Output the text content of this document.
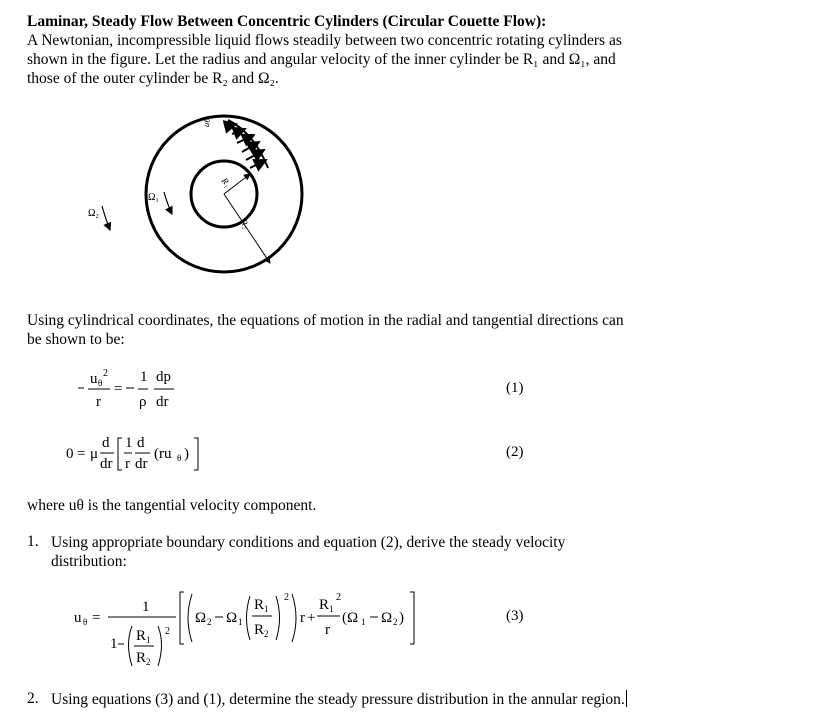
Laminar, Steady Flow Between Concentric Cylinders (Circular Couette Flow):
A Newtonian, incompressible liquid flows steadily between two concentric rotating cylinders as
shown in the figure. Let the radius and angular velocity of the inner cylinder be R₁ and Ω₁, and
those of the outer cylinder be R₂ and Ω₂.
uθ
R₁
R₂
Ω₁
Ω₂
Using cylindrical coordinates, the equations of motion in the radial and tangential directions can
be shown to be:
u θ
2
r
=
1
ρ
dp
dr
(1)
0 = μ
d
dr
1
r
d
dr
(ru θ )	(2)
where uθ is the tangential velocity component.
1. Using appropriate boundary conditions and equation (2), derive the steady velocity
distribution:
u θ =
1
1 R 1
R 2
2
Ω 2 Ω 1
R 1
R 2
2
r +
R 1
2
r
(Ω 1 Ω 2 )	(3)
2. Using equations (3) and (1), determine the steady pressure distribution in the annular region.
